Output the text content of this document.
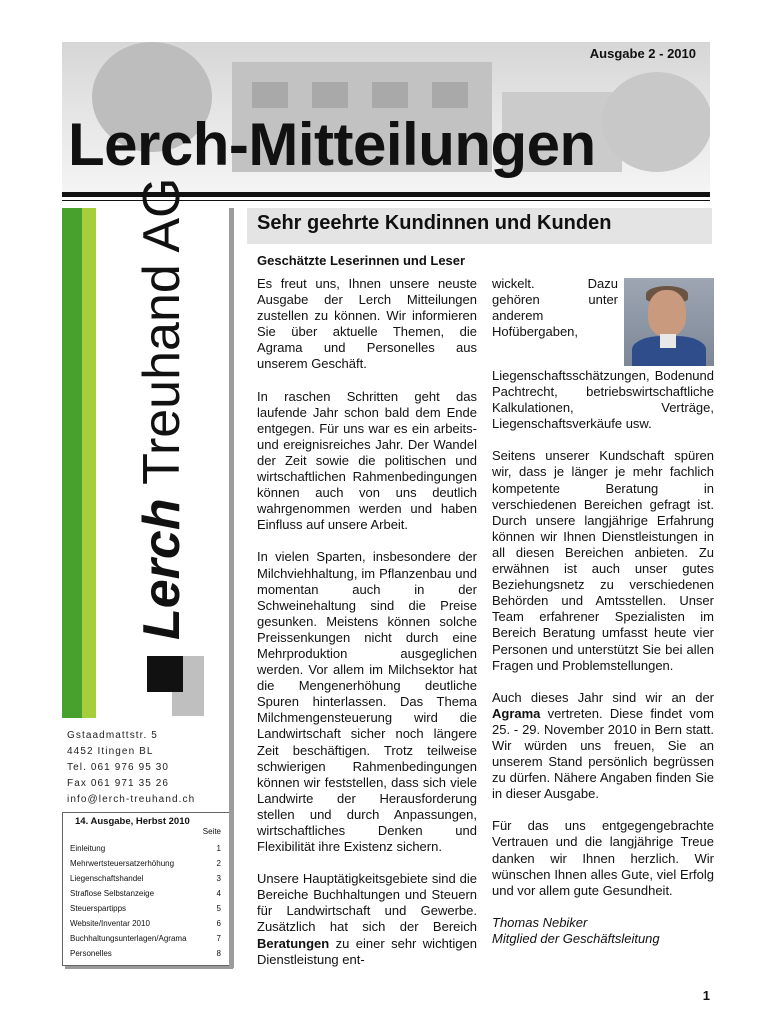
Ausgabe 2 - 2010
Lerch-Mitteilungen
Lerch Treuhand AG
Gstaadmattstr. 5
4452 Itingen BL
Tel. 061 976 95 30
Fax 061 971 35 26
info@lerch-treuhand.ch
14. Ausgabe, Herbst 2010
Seite
Einleitung	1
Mehrwertsteuersatzerhöhung	2
Liegenschaftshandel	3
Straflose Selbstanzeige	4
Steuerspartipps	5
Website/Inventar 2010	6
Buchhaltungsunterlagen/Agrama	7
Personelles	8
Sehr geehrte Kundinnen und Kunden
Geschätzte Leserinnen und Leser

Es freut uns, Ihnen unsere neuste Ausgabe der Lerch Mitteilungen zustellen zu können. Wir informieren Sie über aktuelle Themen, die Agrama und Personelles aus unserem Geschäft.

In raschen Schritten geht das laufende Jahr schon bald dem Ende entgegen. Für uns war es ein arbeits- und ereignisreiches Jahr. Der Wandel der Zeit sowie die politischen und wirtschaftlichen Rahmenbedingungen können auch von uns deutlich wahrgenommen werden und haben Einfluss auf unsere Arbeit.

In vielen Sparten, insbesondere der Milchviehhaltung, im Pflanzenbau und momentan auch in der Schweinehaltung sind die Preise gesunken. Meistens können solche Preissenkungen nicht durch eine Mehrproduktion ausgeglichen werden. Vor allem im Milchsektor hat die Mengenerhöhung deutliche Spuren hinterlassen. Das Thema Milchmengensteuerung wird die Landwirtschaft sicher noch längere Zeit beschäftigen. Trotz teilweise schwierigen Rahmenbedingungen können wir feststellen, dass sich viele Landwirte der Herausforderung stellen und durch Anpassungen, wirtschaftliches Denken und Flexibilität ihre Existenz sichern.

Unsere Hauptätigkeitsgebiete sind die Bereiche Buchhaltungen und Steuern für Landwirtschaft und Gewerbe. Zusätzlich hat sich der Bereich Beratungen zu einer sehr wichtigen Dienstleistung ent-

wickelt. Dazu gehören unter anderem Hofübergaben, Liegenschaftsschätzungen, Bodenund Pachtrecht, betriebswirtschaftliche Kalkulationen, Verträge, Liegenschaftsverkäufe usw.

Seitens unserer Kundschaft spüren wir, dass je länger je mehr fachlich kompetente Beratung in verschiedenen Bereichen gefragt ist. Durch unsere langjährige Erfahrung können wir Ihnen Dienstleistungen in all diesen Bereichen anbieten. Zu erwähnen ist auch unser gutes Beziehungsnetz zu verschiedenen Behörden und Amtsstellen. Unser Team erfahrener Spezialisten im Bereich Beratung umfasst heute vier Personen und unterstützt Sie bei allen Fragen und Problemstellungen.

Auch dieses Jahr sind wir an der Agrama vertreten. Diese findet vom 25. - 29. November 2010 in Bern statt. Wir würden uns freuen, Sie an unserem Stand persönlich begrüssen zu dürfen. Nähere Angaben finden Sie in dieser Ausgabe.

Für das uns entgegengebrachte Vertrauen und die langjährige Treue danken wir Ihnen herzlich. Wir wünschen Ihnen alles Gute, viel Erfolg und vor allem gute Gesundheit.

Thomas Nebiker
Mitglied der Geschäftsleitung
1
